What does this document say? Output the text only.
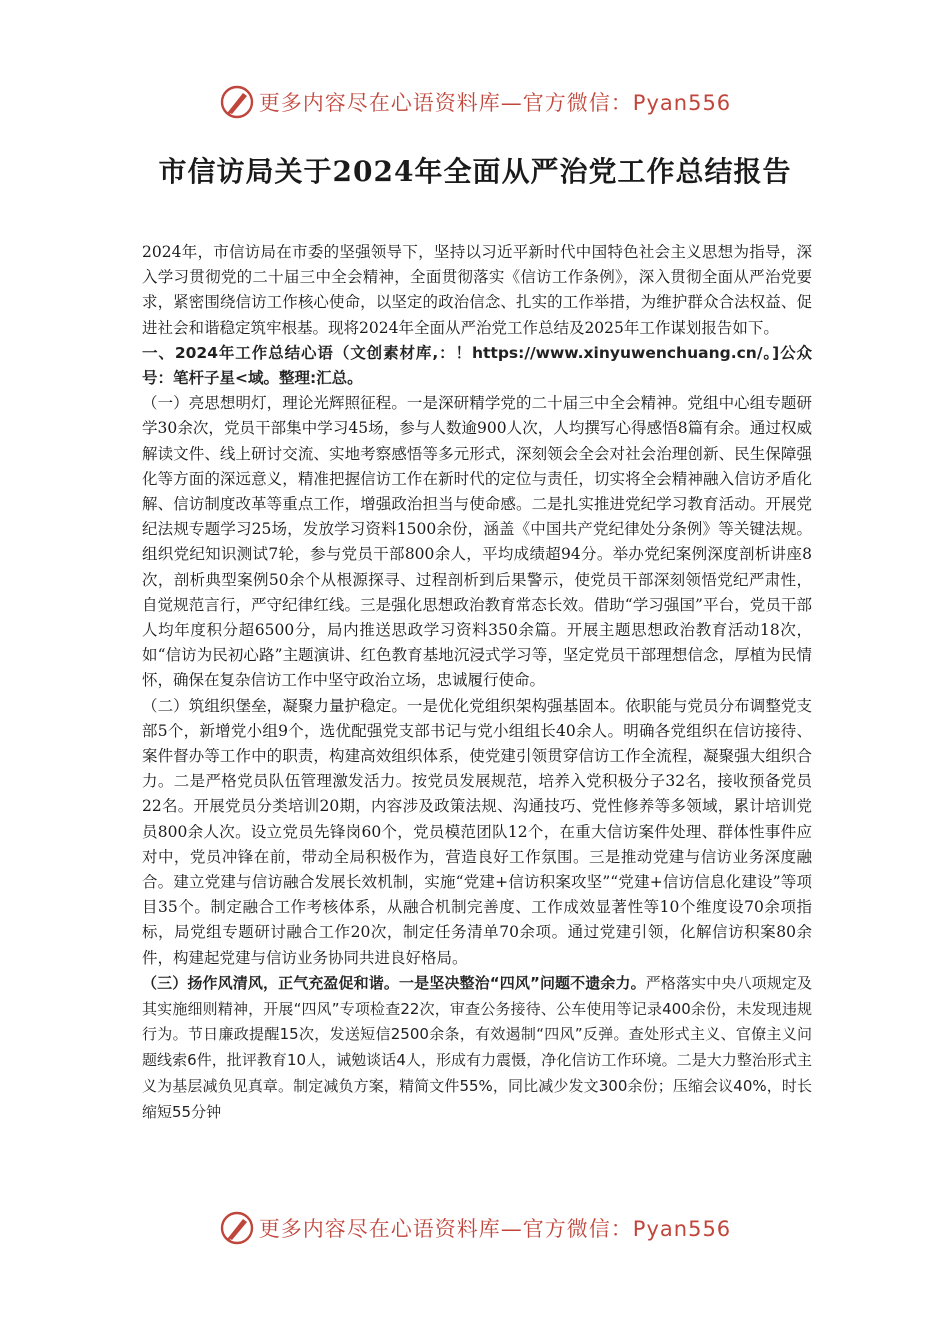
更多内容尽在心语资料库—官方微信：Pyan556
市信访局关于2024年全面从严治党工作总结报告

2024年，市信访局在市委的坚强领导下，坚持以习近平新时代中国特色社会主义思想为指导，深入学习贯彻党的二十届三中全会精神，全面贯彻落实《信访工作条例》，深入贯彻全面从严治党要求，紧密围绕信访工作核心使命，以坚定的政治信念、扎实的工作举措，为维护群众合法权益、促进社会和谐稳定筑牢根基。现将2024年全面从严治党工作总结及2025年工作谋划报告如下。

一、2024年工作总结心语（文创素材库,：！https://www.xinyuwenchuang.cn/。]公众号：笔杆子星<域。整理:汇总。

（一）亮思想明灯，理论光辉照征程。一是深研精学党的二十届三中全会精神。党组中心组专题研学30余次，党员干部集中学习45场，参与人数逾900人次，人均撰写心得感悟8篇有余。通过权威解读文件、线上研讨交流、实地考察感悟等多元形式，深刻领会全会对社会治理创新、民生保障强化等方面的深远意义，精准把握信访工作在新时代的定位与责任，切实将全会精神融入信访矛盾化解、信访制度改革等重点工作，增强政治担当与使命感。二是扎实推进党纪学习教育活动。开展党纪法规专题学习25场，发放学习资料1500余份，涵盖《中国共产党纪律处分条例》等关键法规。组织党纪知识测试7轮，参与党员干部800余人，平均成绩超94分。举办党纪案例深度剖析讲座8次，剖析典型案例50余个从根源探寻、过程剖析到后果警示，使党员干部深刻领悟党纪严肃性，自觉规范言行，严守纪律红线。三是强化思想政治教育常态长效。借助“学习强国”平台，党员干部人均年度积分超6500分，局内推送思政学习资料350余篇。开展主题思想政治教育活动18次，如“信访为民初心路”主题演讲、红色教育基地沉浸式学习等，坚定党员干部理想信念，厚植为民情怀，确保在复杂信访工作中坚守政治立场，忠诚履行使命。

（二）筑组织堡垒，凝聚力量护稳定。一是优化党组织架构强基固本。依职能与党员分布调整党支部5个，新增党小组9个，选优配强党支部书记与党小组组长40余人。明确各党组织在信访接待、案件督办等工作中的职责，构建高效组织体系，使党建引领贯穿信访工作全流程，凝聚强大组织合力。二是严格党员队伍管理激发活力。按党员发展规范，培养入党积极分子32名，接收预备党员22名。开展党员分类培训20期，内容涉及政策法规、沟通技巧、党性修养等多领域，累计培训党员800余人次。设立党员先锋岗60个，党员模范团队12个，在重大信访案件处理、群体性事件应对中，党员冲锋在前，带动全局积极作为，营造良好工作氛围。三是推动党建与信访业务深度融合。建立党建与信访融合发展长效机制，实施“党建+信访积案攻坚”“党建+信访信息化建设”等项目35个。制定融合工作考核体系，从融合机制完善度、工作成效显著性等10个维度设70余项指标，局党组专题研讨融合工作20次，制定任务清单70余项。通过党建引领，化解信访积案80余件，构建起党建与信访业务协同共进良好格局。

（三）扬作风清风，正气充盈促和谐。一是坚决整治“四风”问题不遗余力。严格落实中央八项规定及其实施细则精神，开展“四风”专项检查22次，审查公务接待、公车使用等记录400余份，未发现违规行为。节日廉政提醒15次，发送短信2500余条，有效遏制“四风”反弹。查处形式主义、官僚主义问题线索6件，批评教育10人，诫勉谈话4人，形成有力震慑，净化信访工作环境。二是大力整治形式主义为基层减负见真章。制定减负方案，精简文件55%，同比减少发文300余份；压缩会议40%，时长缩短55分钟

更多内容尽在心语资料库—官方微信：Pyan556
